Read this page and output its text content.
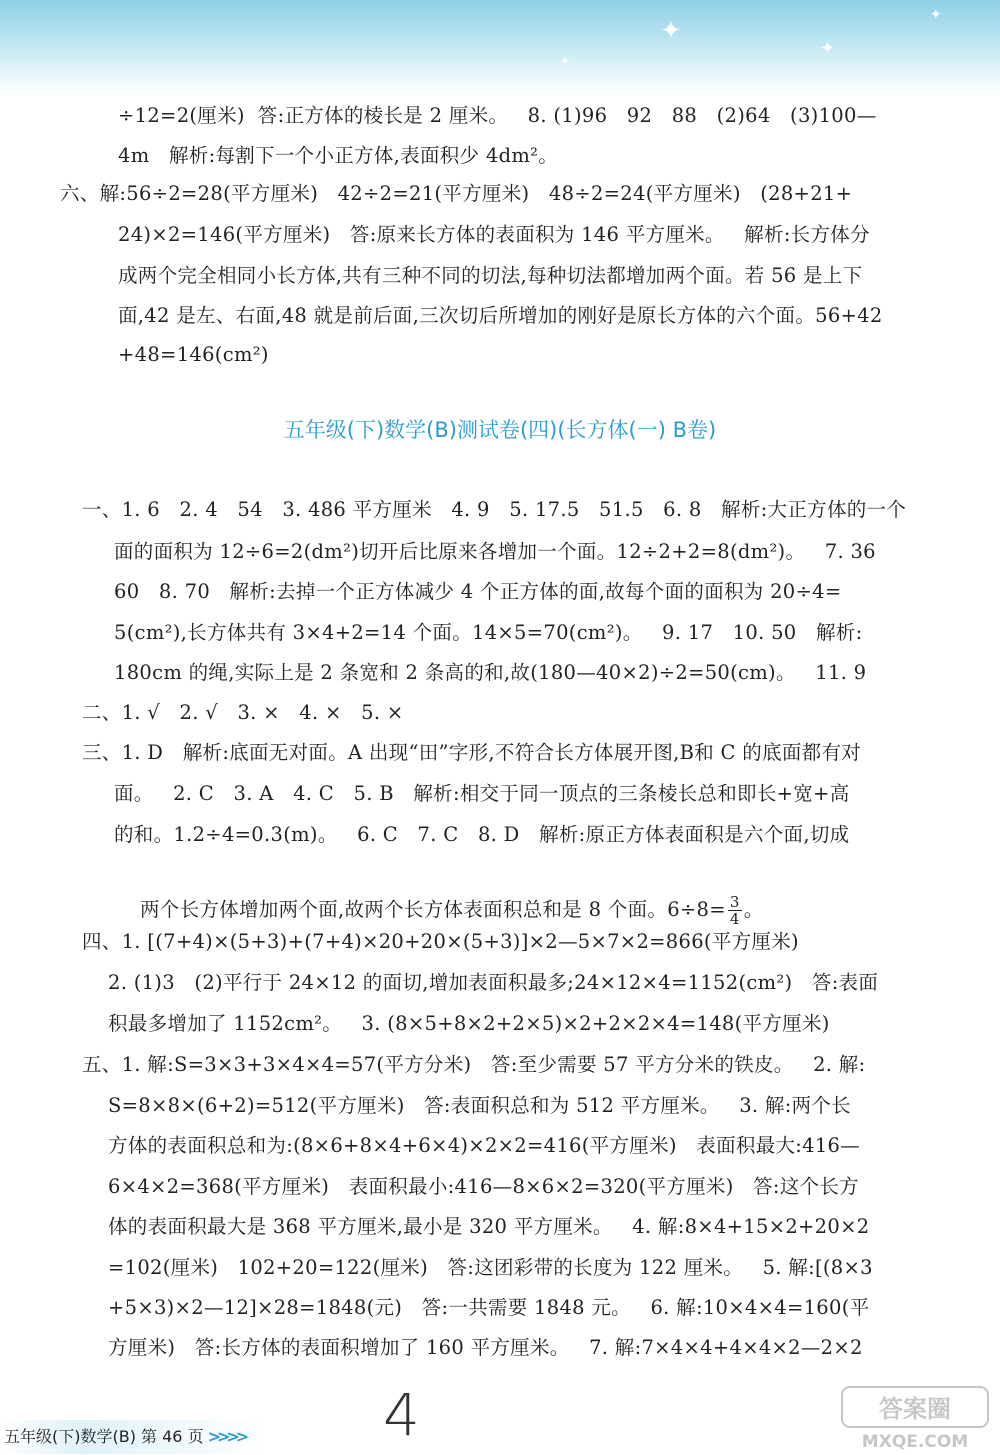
✦
✦
✦
✦
÷12=2(厘米)  答:正方体的棱长是 2 厘米。   8. (1)96   92   88   (2)64   (3)100—
4m   解析:每割下一个小正方体,表面积少 4dm²。
六、解:56÷2=28(平方厘米)   42÷2=21(平方厘米)   48÷2=24(平方厘米)   (28+21+
24)×2=146(平方厘米)   答:原来长方体的表面积为 146 平方厘米。   解析:长方体分
成两个完全相同小长方体,共有三种不同的切法,每种切法都增加两个面。若 56 是上下
面,42 是左、右面,48 就是前后面,三次切后所增加的刚好是原长方体的六个面。56+42
+48=146(cm²)
五年级(下)数学(B)测试卷(四)(长方体(一) B卷)
一、1. 6   2. 4   54   3. 486 平方厘米   4. 9   5. 17.5   51.5   6. 8   解析:大正方体的一个
面的面积为 12÷6=2(dm²)切开后比原来各增加一个面。12÷2+2=8(dm²)。   7. 36
60   8. 70   解析:去掉一个正方体减少 4 个正方体的面,故每个面的面积为 20÷4=
5(cm²),长方体共有 3×4+2=14 个面。14×5=70(cm²)。   9. 17   10. 50   解析:
180cm 的绳,实际上是 2 条宽和 2 条高的和,故(180—40×2)÷2=50(cm)。   11. 9
二、1. √   2. √   3. ×   4. ×   5. ×
三、1. D   解析:底面无对面。A 出现“田”字形,不符合长方体展开图,B和 C 的底面都有对
面。   2. C   3. A   4. C   5. B   解析:相交于同一顶点的三条棱长总和即长+宽+高
的和。1.2÷4=0.3(m)。   6. C   7. C   8. D   解析:原正方体表面积是六个面,切成

两个长方体增加两个面,故两个长方体表面积总和是 8 个面。$6\div 8= \frac{3}{4}$ 。

四、1. [(7+4)×(5+3)+(7+4)×20+20×(5+3)]×2—5×7×2=866(平方厘米)
2. (1)3   (2)平行于 24×12 的面切,增加表面积最多;24×12×4=1152(cm²)   答:表面
积最多增加了 1152cm²。   3. (8×5+8×2+2×5)×2+2×2×4=148(平方厘米)
五、1. 解:S=3×3+3×4×4=57(平方分米)   答:至少需要 57 平方分米的铁皮。   2. 解:
S=8×8×(6+2)=512(平方厘米)   答:表面积总和为 512 平方厘米。   3. 解:两个长
方体的表面积总和为:(8×6+8×4+6×4)×2×2=416(平方厘米)   表面积最大:416—
6×4×2=368(平方厘米)   表面积最小:416—8×6×2=320(平方厘米)   答:这个长方
体的表面积最大是 368 平方厘米,最小是 320 平方厘米。   4. 解:8×4+15×2+20×2
=102(厘米)   102+20=122(厘米)   答:这团彩带的长度为 122 厘米。   5. 解:[(8×3
+5×3)×2—12]×28=1848(元)   答:一共需要 1848 元。   6. 解:10×4×4=160(平
方厘米)   答:长方体的表面积增加了 160 平方厘米。   7. 解:7×4×4+4×4×2—2×2
五年级(下)数学(B) 第 46 页 >>>>	4	答案圈
MXQE.COM
